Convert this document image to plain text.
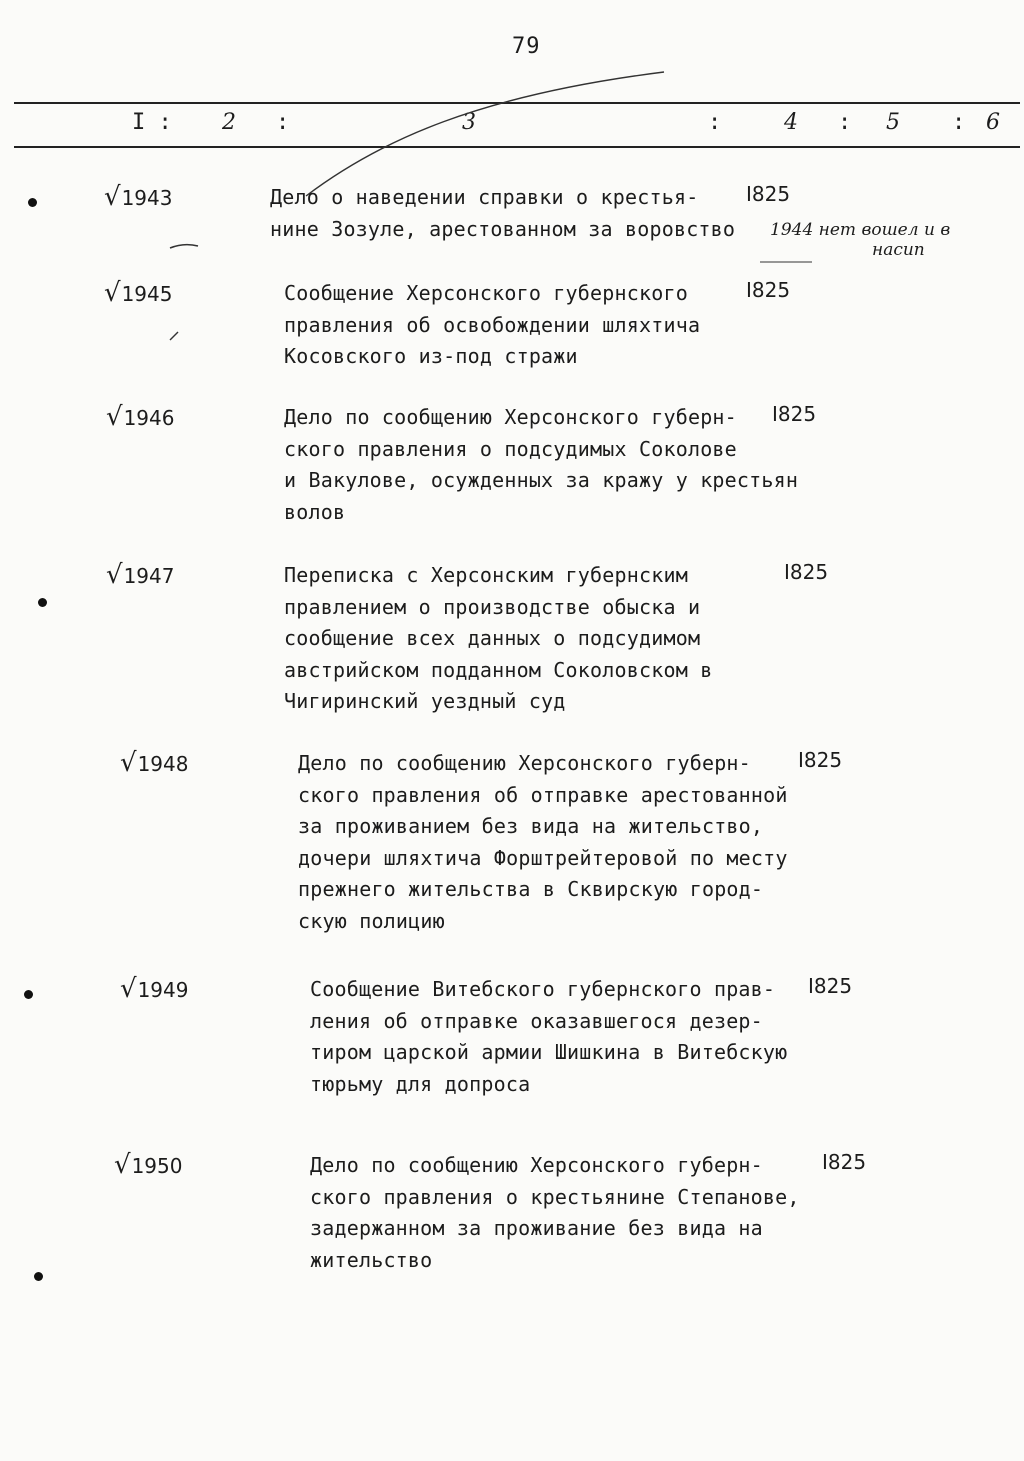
79
I : 2 :	3	:	4 : 5 : 6
√1943	Дело о наведении справки о крестья-
нине Зозуле, арестованном за воровство
I825
1944 нет вошел и в
насип
√1945	Сообщение Херсонского губернского
правления об освобождении шляхтича
Косовского из-под стражи
I825
√1946	Дело по сообщению Херсонского губерн-
ского правления о подсудимых Соколове
и Вакулове, осужденных за кражу у крестьян
волов
I825
√1947	Переписка с Херсонским губернским
правлением о производстве обыска и
сообщение всех данных о подсудимом
австрийском подданном Соколовском в
Чигиринский уездный суд
I825
√1948	Дело по сообщению Херсонского губерн-
ского правления об отправке арестованной
за проживанием без вида на жительство,
дочери шляхтича Форштрейтеровой по месту
прежнего жительства в Сквирскую город-
скую полицию
I825
√1949	Сообщение Витебского губернского прав-
ления об отправке оказавшегося дезер-
тиром царской армии Шишкина в Витебскую
тюрьму для допроса
I825
√1950	Дело по сообщению Херсонского губерн-
ского правления о крестьянине Степанове,
задержанном за проживание без вида на
жительство
I825
